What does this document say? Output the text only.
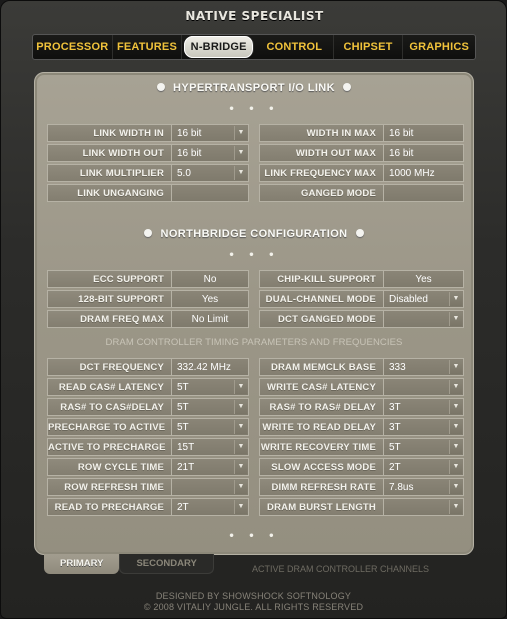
NATIVE SPECIALIST
PROCESSOR FEATURES	N-BRIDGE	CONTROL	CHIPSET	GRAPHICS
HYPERTRANSPORT I/O LINK
• • •
LINK WIDTH IN	16 bit	▼
LINK WIDTH OUT	16 bit	▼
LINK MULTIPLIER	5.0	▼
LINK UNGANGING
WIDTH IN MAX	16 bit
WIDTH OUT MAX	16 bit
LINK FREQUENCY MAX	1000 MHz
GANGED MODE
NORTHBRIDGE CONFIGURATION
• • •
ECC SUPPORT	No
128-BIT SUPPORT	Yes
DRAM FREQ MAX	No Limit
CHIP-KILL SUPPORT	Yes
DUAL-CHANNEL MODE	Disabled	▼
DCT GANGED MODE	▼
DRAM CONTROLLER TIMING PARAMETERS AND FREQUENCIES
DCT FREQUENCY	332.42 MHz
READ CAS# LATENCY	5T	▼
RAS# TO CAS#DELAY	5T	▼
PRECHARGE TO ACTIVE	5T	▼
ACTIVE TO PRECHARGE	15T	▼
ROW CYCLE TIME	21T	▼
ROW REFRESH TIME	▼
READ TO PRECHARGE	2T	▼
DRAM MEMCLK BASE	333	▼
WRITE CAS# LATENCY	▼
RAS# TO RAS# DELAY	3T	▼
WRITE TO READ DELAY	3T	▼
WRITE RECOVERY TIME	5T	▼
SLOW ACCESS MODE	2T	▼
DIMM REFRESH RATE	7.8us	▼
DRAM BURST LENGTH	▼
• • •
PRIMARY	SECONDARY	ACTIVE DRAM CONTROLLER CHANNELS
DESIGNED BY SHOWSHOCK SOFTNOLOGY
© 2008 VITALIY JUNGLE. ALL RIGHTS RESERVED
